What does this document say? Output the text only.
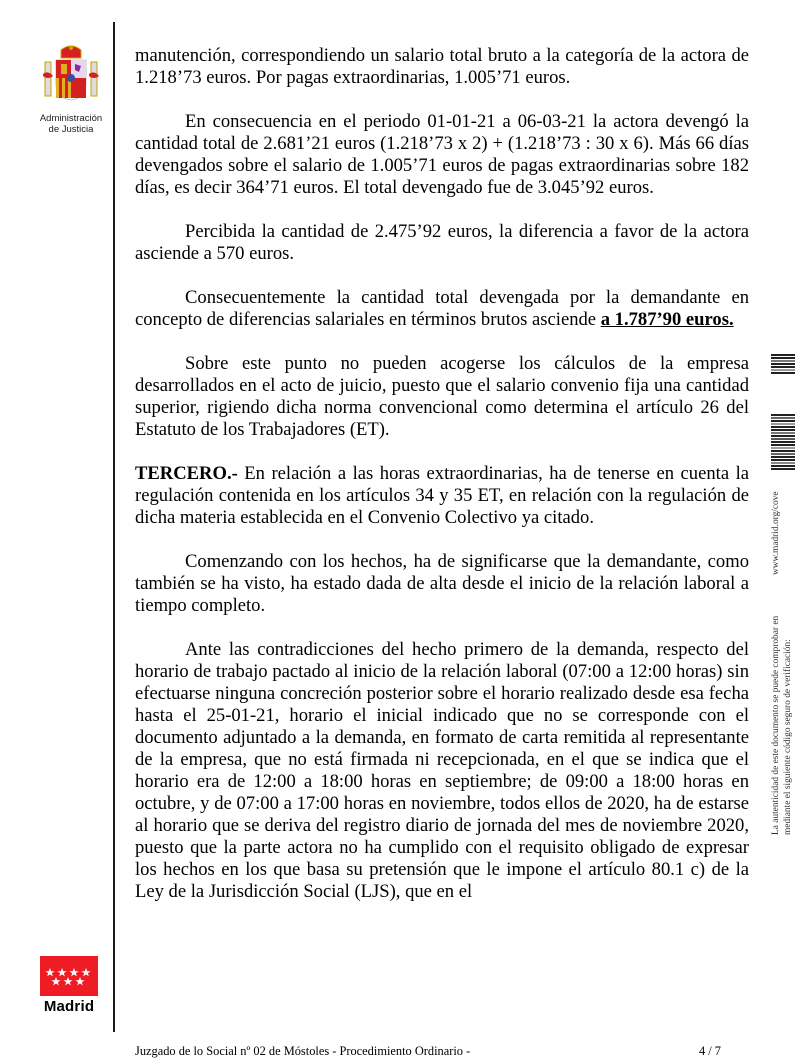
Administración
de Justicia
Madrid

manutención, correspondiendo un salario total bruto a la categoría de la actora de 1.218’73 euros. Por pagas extraordinarias, 1.005’71 euros.

En consecuencia en el periodo 01-01-21 a 06-03-21 la actora devengó la cantidad total de 2.681’21 euros (1.218’73 x 2) + (1.218’73 : 30 x 6). Más 66 días devengados sobre el salario de 1.005’71 euros de pagas extraordinarias sobre 182 días, es decir 364’71 euros. El total devengado fue de 3.045’92 euros.

Percibida la cantidad de 2.475’92 euros, la diferencia a favor de la actora asciende a 570 euros.

Consecuentemente la cantidad total devengada por la demandante en concepto de diferencias salariales en términos brutos asciende a 1.787’90 euros.

Sobre este punto no pueden acogerse los cálculos de la empresa desarrollados en el acto de juicio, puesto que el salario convenio fija una cantidad superior, rigiendo dicha norma convencional como determina el artículo 26 del Estatuto de los Trabajadores (ET).

TERCERO.- En relación a las horas extraordinarias, ha de tenerse en cuenta la regulación contenida en los artículos 34 y 35 ET, en relación con la regulación de dicha materia establecida en el Convenio Colectivo ya citado.

Comenzando con los hechos, ha de significarse que la demandante, como también se ha visto, ha estado dada de alta desde el inicio de la relación laboral a tiempo completo.

Ante las contradicciones del hecho primero de la demanda, respecto del horario de trabajo pactado al inicio de la relación laboral (07:00 a 12:00 horas) sin efectuarse ninguna concreción posterior sobre el horario realizado desde esa fecha hasta el 25-01-21, horario el inicial indicado que no se corresponde con el documento adjuntado a la demanda, en formato de carta remitida al representante de la empresa, que no está firmada ni recepcionada, en el que se indica que el horario era de 12:00 a 18:00 horas en septiembre; de 09:00 a 18:00 horas en octubre, y de 07:00 a 17:00 horas en noviembre, todos ellos de 2020, ha de estarse al horario que se deriva del registro diario de jornada del mes de noviembre 2020, puesto que la parte actora no ha cumplido con el requisito obligado de expresar los hechos en los que basa su pretensión que le impone el artículo 80.1 c) de la Ley de la Jurisdicción Social (LJS), que en el

La autenticidad de este documento se puede comprobar en mediante el siguiente código seguro de verificación:
www.madrid.org/cove
Juzgado de lo Social nº 02 de Móstoles - Procedimiento Ordinario -	4 / 7
